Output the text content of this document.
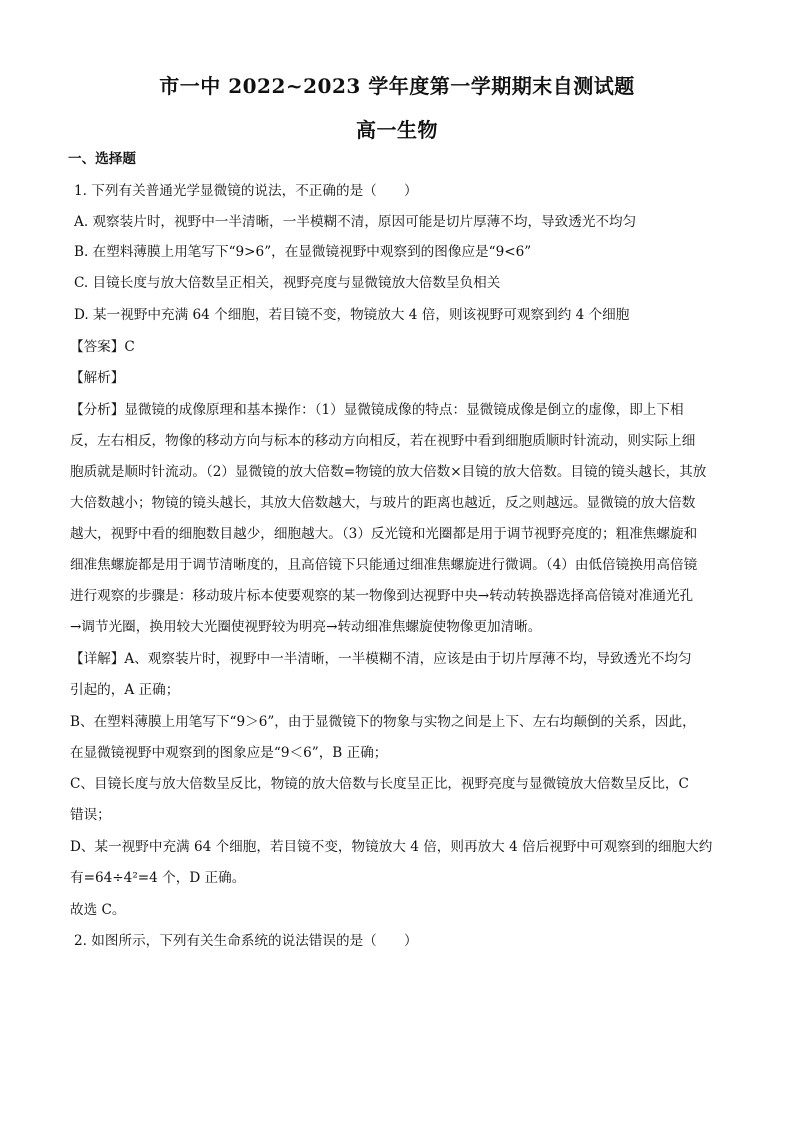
市一中 2022~2023 学年度第一学期期末自测试题
高一生物
一、选择题
1. 下列有关普通光学显微镜的说法，不正确的是（　　）
A. 观察装片时，视野中一半清晰，一半模糊不清，原因可能是切片厚薄不均，导致透光不均匀
B. 在塑料薄膜上用笔写下“9>6”，在显微镜视野中观察到的图像应是“9<6”
C. 目镜长度与放大倍数呈正相关，视野亮度与显微镜放大倍数呈负相关
D. 某一视野中充满 64 个细胞，若目镜不变，物镜放大 4 倍，则该视野可观察到约 4 个细胞
【答案】C
【解析】
【分析】显微镜的成像原理和基本操作：（1）显微镜成像的特点：显微镜成像是倒立的虚像，即上下相
反，左右相反，物像的移动方向与标本的移动方向相反，若在视野中看到细胞质顺时针流动，则实际上细
胞质就是顺时针流动。（2）显微镜的放大倍数=物镜的放大倍数×目镜的放大倍数。目镜的镜头越长，其放
大倍数越小；物镜的镜头越长，其放大倍数越大，与玻片的距离也越近，反之则越远。显微镜的放大倍数
越大，视野中看的细胞数目越少，细胞越大。（3）反光镜和光圈都是用于调节视野亮度的；粗准焦螺旋和
细准焦螺旋都是用于调节清晰度的，且高倍镜下只能通过细准焦螺旋进行微调。（4）由低倍镜换用高倍镜
进行观察的步骤是：移动玻片标本使要观察的某一物像到达视野中央→转动转换器选择高倍镜对准通光孔
→调节光圈，换用较大光圈使视野较为明亮→转动细准焦螺旋使物像更加清晰。
【详解】A、观察装片时，视野中一半清晰，一半模糊不清，应该是由于切片厚薄不均，导致透光不均匀
引起的，A 正确；
B、在塑料薄膜上用笔写下“9＞6”，由于显微镜下的物象与实物之间是上下、左右均颠倒的关系，因此，
在显微镜视野中观察到的图象应是“9＜6”，B 正确；
C、目镜长度与放大倍数呈反比，物镜的放大倍数与长度呈正比，视野亮度与显微镜放大倍数呈反比，C
错误；
D、某一视野中充满 64 个细胞，若目镜不变，物镜放大 4 倍，则再放大 4 倍后视野中可观察到的细胞大约
有=64÷4²=4 个，D 正确。
故选 C。
2. 如图所示，下列有关生命系统的说法错误的是（　　）
